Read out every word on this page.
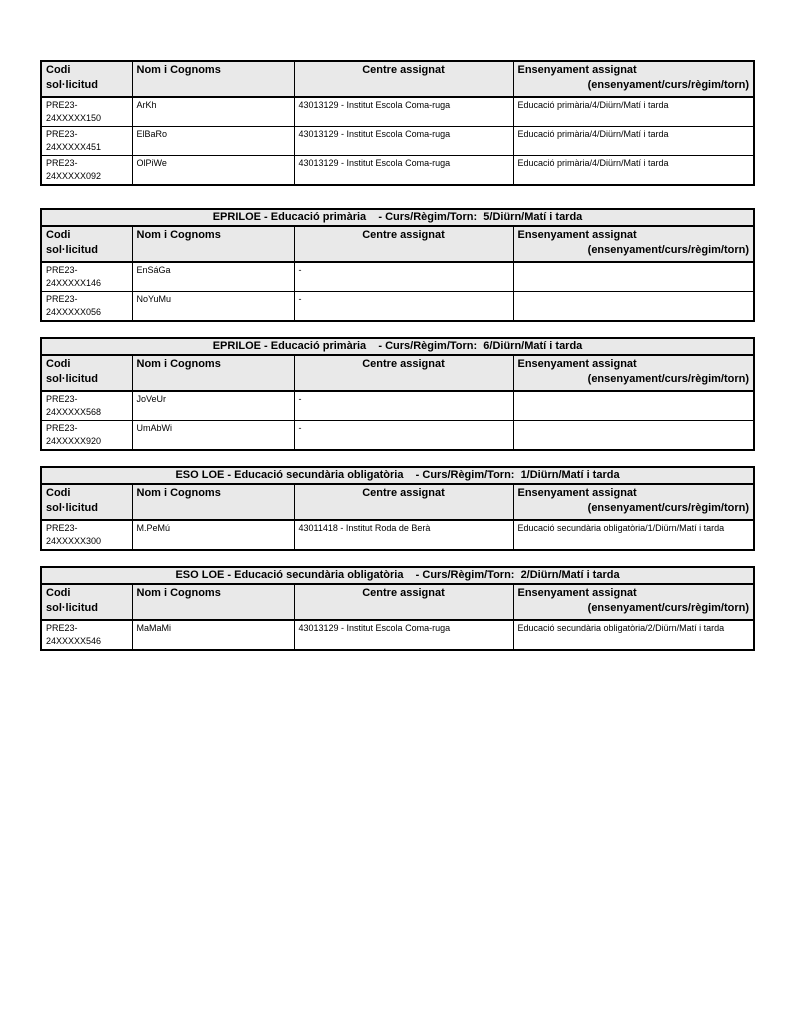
Codi
sol·licitud
	Nom i Cognoms	Centre assignat	Ensenyament assignat
(ensenyament/curs/règim/torn)

PRE23-
24XXXXX150	ArKh	43013129 - Institut Escola Coma-ruga	Educació primària/4/Diürn/Matí i tarda

PRE23-
24XXXXX451	ElBaRo	43013129 - Institut Escola Coma-ruga	Educació primària/4/Diürn/Matí i tarda

PRE23-
24XXXXX092	OlPiWe	43013129 - Institut Escola Coma-ruga	Educació primària/4/Diürn/Matí i tarda
EPRILOE - Educació primària    - Curs/Règim/Torn:  5/Diürn/Matí i tarda			

Codi
sol·licitud
	Nom i Cognoms	Centre assignat	Ensenyament assignat
(ensenyament/curs/règim/torn)

PRE23-
24XXXXX146	EnSáGa	-	

PRE23-
24XXXXX056	NoYuMu	-	
EPRILOE - Educació primària    - Curs/Règim/Torn:  6/Diürn/Matí i tarda			

Codi
sol·licitud
	Nom i Cognoms	Centre assignat	Ensenyament assignat
(ensenyament/curs/règim/torn)

PRE23-
24XXXXX568	JoVeUr	-	

PRE23-
24XXXXX920	UmAbWi	-	
ESO LOE - Educació secundària obligatòria    - Curs/Règim/Torn:  1/Diürn/Matí i tarda			

Codi
sol·licitud
	Nom i Cognoms	Centre assignat	Ensenyament assignat
(ensenyament/curs/règim/torn)

PRE23-
24XXXXX300	M.PeMú	43011418 - Institut Roda de Berà	Educació secundària obligatòria/1/Diürn/Matí i tarda
ESO LOE - Educació secundària obligatòria    - Curs/Règim/Torn:  2/Diürn/Matí i tarda			

Codi
sol·licitud
	Nom i Cognoms	Centre assignat	Ensenyament assignat
(ensenyament/curs/règim/torn)

PRE23-
24XXXXX546	MaMaMi	43013129 - Institut Escola Coma-ruga	Educació secundària obligatòria/2/Diürn/Matí i tarda
